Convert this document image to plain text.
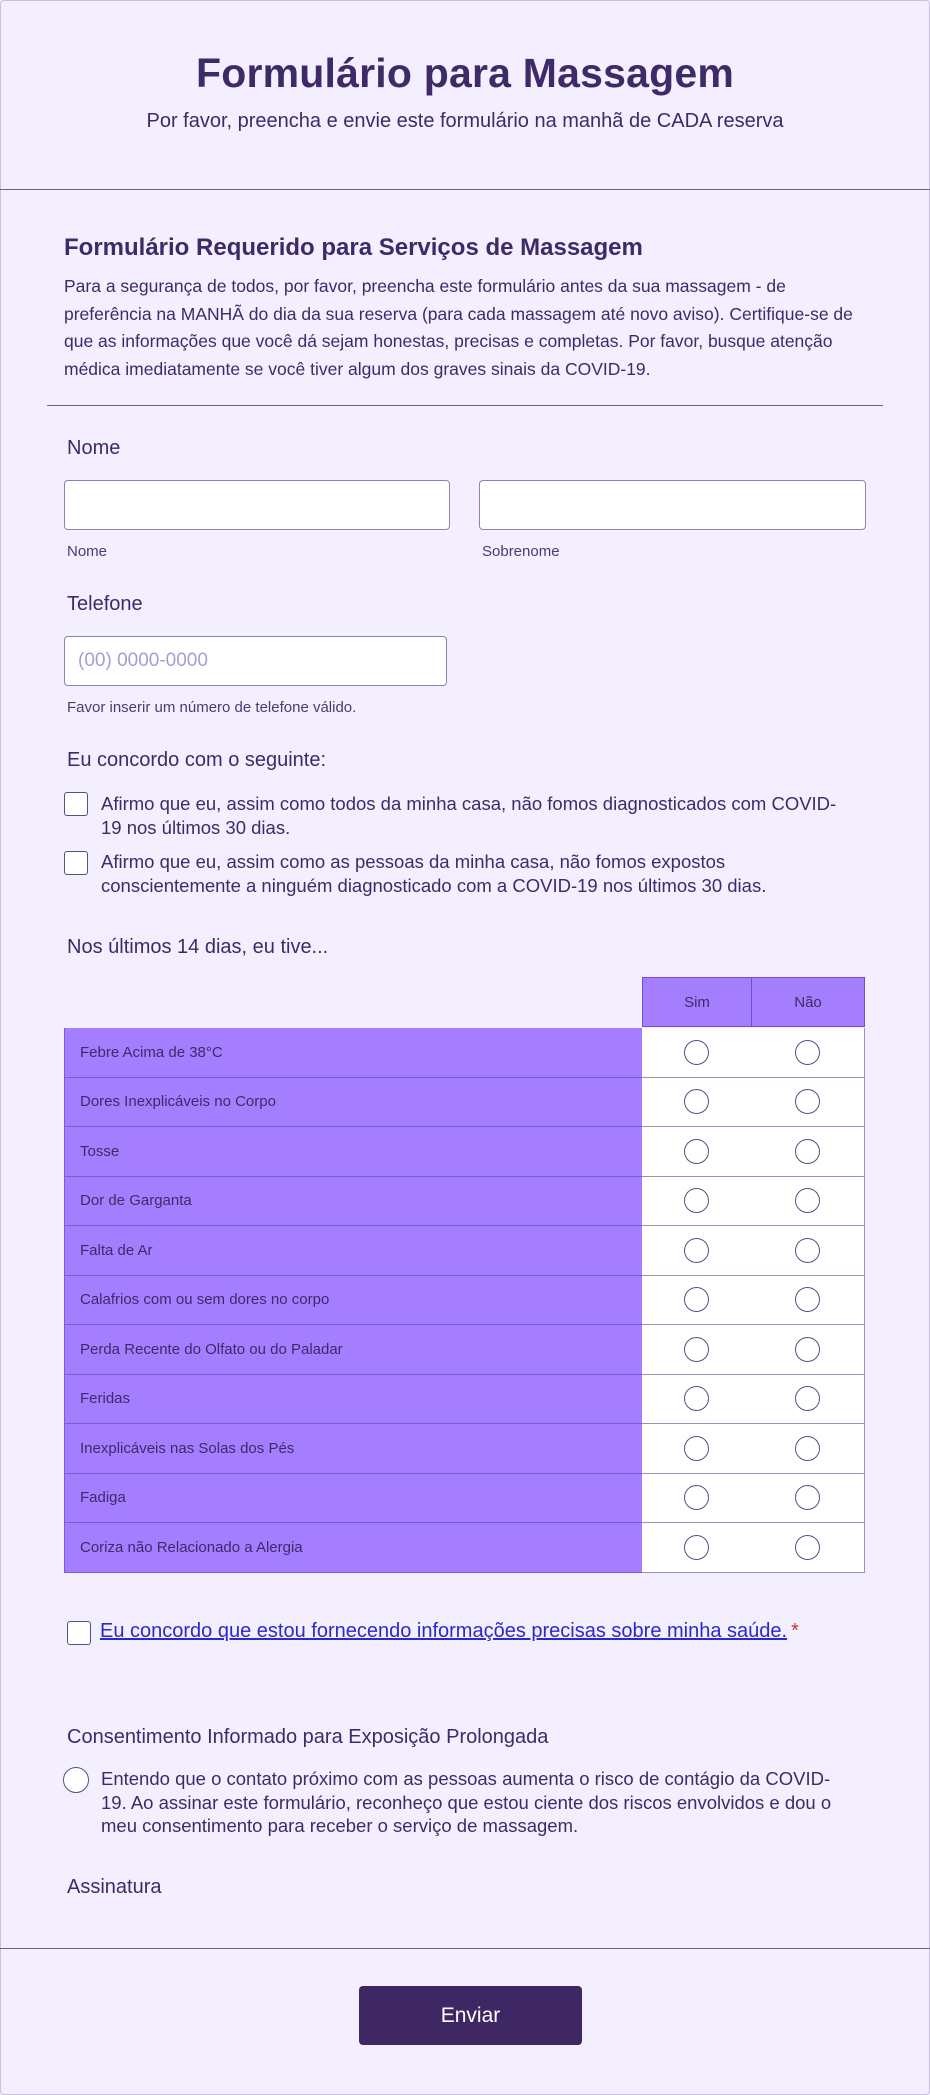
Formulário para Massagem
Por favor, preencha e envie este formulário na manhã de CADA reserva
Formulário Requerido para Serviços de Massagem
Para a segurança de todos, por favor, preencha este formulário antes da sua massagem - de preferência na MANHÃ do dia da sua reserva (para cada massagem até novo aviso). Certifique-se de que as informações que você dá sejam honestas, precisas e completas. Por favor, busque atenção médica imediatamente se você tiver algum dos graves sinais da COVID-19.
Nome
Nome	Sobrenome
Telefone
(00) 0000-0000
Favor inserir um número de telefone válido.
Eu concordo com o seguinte:
Afirmo que eu, assim como todos da minha casa, não fomos diagnosticados com COVID-19 nos últimos 30 dias.
Afirmo que eu, assim como as pessoas da minha casa, não fomos expostos conscientemente a ninguém diagnosticado com a COVID-19 nos últimos 30 dias.
Nos últimos 14 dias, eu tive...
Sim	Não
Febre Acima de 38°C
Dores Inexplicáveis no Corpo
Tosse
Dor de Garganta
Falta de Ar
Calafrios com ou sem dores no corpo
Perda Recente do Olfato ou do Paladar
Feridas
Inexplicáveis nas Solas dos Pés
Fadiga
Coriza não Relacionado a Alergia
Eu concordo que estou fornecendo informações precisas sobre minha saúde. *
Consentimento Informado para Exposição Prolongada
Entendo que o contato próximo com as pessoas aumenta o risco de contágio da COVID-19. Ao assinar este formulário, reconheço que estou ciente dos riscos envolvidos e dou o meu consentimento para receber o serviço de massagem.
Assinatura
Enviar
